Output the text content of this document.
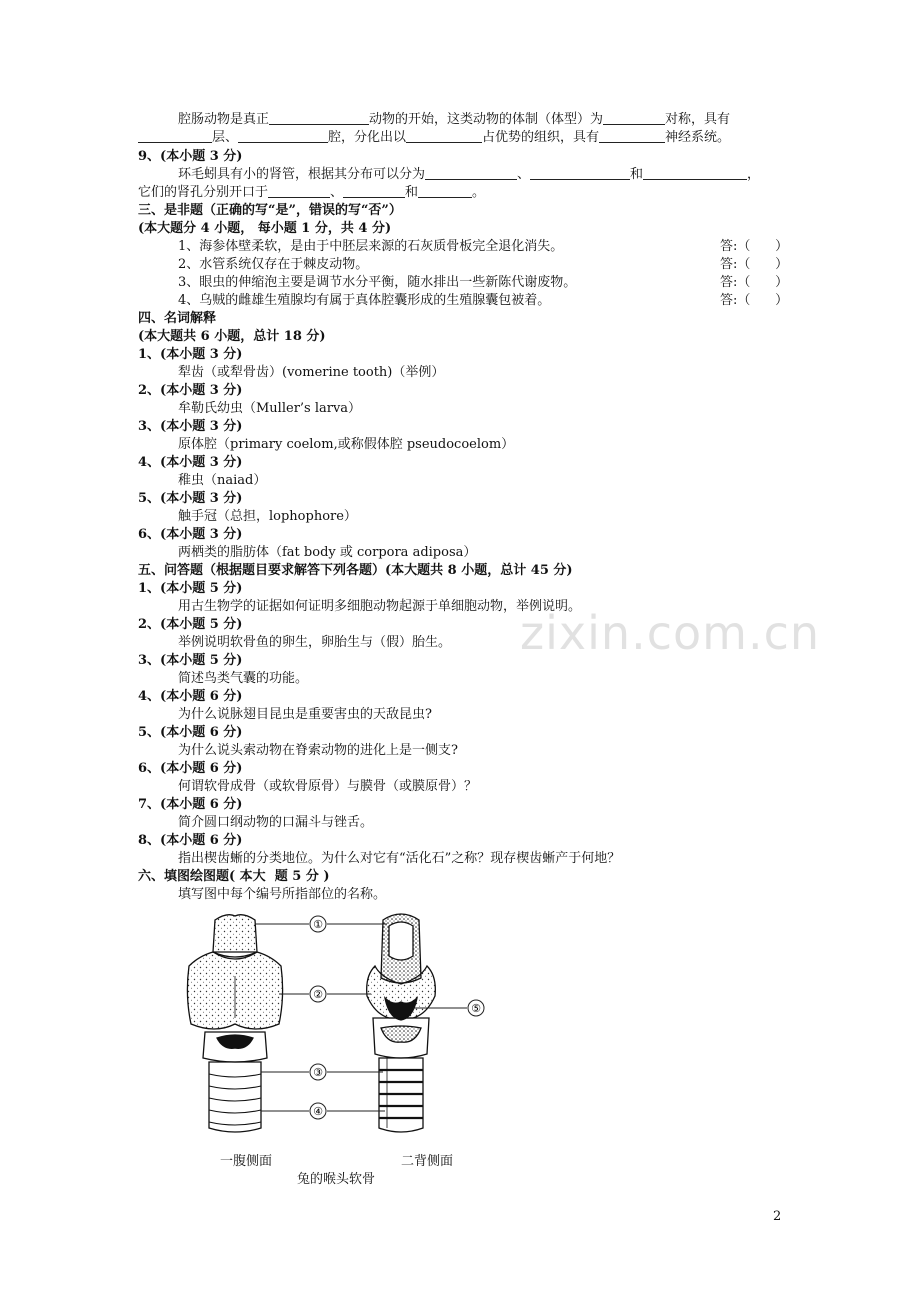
腔肠动物是真正	动物的开始，这类动物的体制（体型）为	对称，具有
层、	腔，分化出以	占优势的组织，具有	神经系统。
9、(本小题 3 分)
环毛蚓具有小的肾管，根据其分布可以分为	、	和	，
它们的肾孔分别开口于	、	和	。
三、是非题（正确的写“是”，错误的写“否”）
(本大题分 4 小题， 每小题 1 分，共 4 分)
1、海参体壁柔软，是由于中胚层来源的石灰质骨板完全退化消失。	答:（      ）
2、水管系统仅存在于棘皮动物。	答:（      ）
3、眼虫的伸缩泡主要是调节水分平衡，随水排出一些新陈代谢废物。	答:（      ）
4、乌贼的雌雄生殖腺均有属于真体腔囊形成的生殖腺囊包被着。	答:（      ）
四、名词解释
(本大题共 6 小题，总计 18 分)
1、(本小题 3 分)
犁齿（或犁骨齿）(vomerine tooth)（举例）
2、(本小题 3 分)
牟勒氏幼虫（Muller’s larva）
3、(本小题 3 分)
原体腔（primary coelom,或称假体腔 pseudocoelom）
4、(本小题 3 分)
稚虫（naiad）
5、(本小题 3 分)
触手冠（总担，lophophore）
6、(本小题 3 分)
两栖类的脂肪体（fat body 或 corpora adiposa）
五、问答题（根据题目要求解答下列各题）(本大题共 8 小题，总计 45 分)
1、(本小题 5 分)
用古生物学的证据如何证明多细胞动物起源于单细胞动物，举例说明。
2、(本小题 5 分)
举例说明软骨鱼的卵生，卵胎生与（假）胎生。
3、(本小题 5 分)
简述鸟类气囊的功能。
4、(本小题 6 分)
为什么说脉翅目昆虫是重要害虫的天敌昆虫?
5、(本小题 6 分)
为什么说头索动物在脊索动物的进化上是一侧支?
6、(本小题 6 分)
何谓软骨成骨（或软骨原骨）与膜骨（或膜原骨）？
7、(本小题 6 分)
简介圆口纲动物的口漏斗与锉舌。
8、(本小题 6 分)
指出楔齿蜥的分类地位。为什么对它有“活化石”之称？现存楔齿蜥产于何地？
六、填图绘图题( 本大  题 5 分 )
填写图中每个编号所指部位的名称。
①
②
③
④
⑤
一腹侧面	二背侧面
兔的喉头软骨
zixin.com.cn
2
